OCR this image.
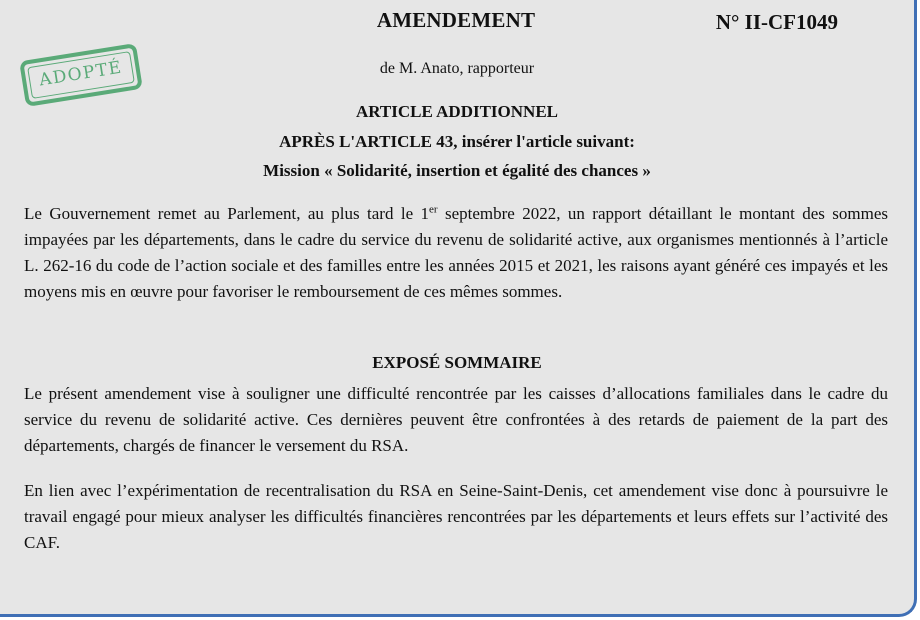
AMENDEMENT	N° II-CF1049
ADOPTÉ	de M. Anato, rapporteur
ARTICLE ADDITIONNEL
APRÈS L'ARTICLE 43, insérer l'article suivant:
Mission « Solidarité, insertion et égalité des chances »
Le Gouvernement remet au Parlement, au plus tard le 1er septembre 2022, un rapport détaillant le montant des sommes impayées par les départements, dans le cadre du service du revenu de solidarité active, aux organismes mentionnés à l’article L. 262‑16 du code de l’action sociale et des familles entre les années 2015 et 2021, les raisons ayant généré ces impayés et les moyens mis en œuvre pour favoriser le remboursement de ces mêmes sommes.
EXPOSÉ SOMMAIRE
Le présent amendement vise à souligner une difficulté rencontrée par les caisses d’allocations familiales dans le cadre du service du revenu de solidarité active. Ces dernières peuvent être confrontées à des retards de paiement de la part des départements, chargés de financer le versement du RSA.
En lien avec l’expérimentation de recentralisation du RSA en Seine-Saint-Denis, cet amendement vise donc à poursuivre le travail engagé pour mieux analyser les difficultés financières rencontrées par les départements et leurs effets sur l’activité des CAF.
